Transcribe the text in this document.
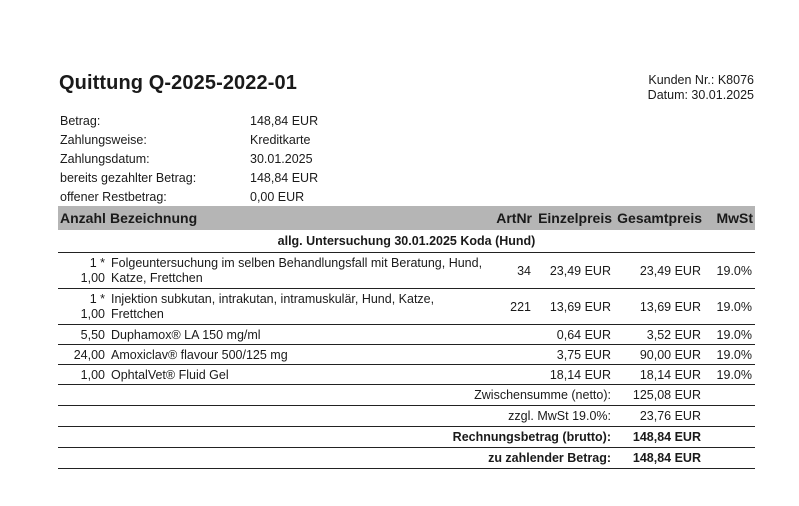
Quittung Q-2025-2022-01	Kunden Nr.: K8076
Datum: 30.01.2025
Betrag:	148,84 EUR
Zahlungsweise:	Kreditkarte
Zahlungsdatum:	30.01.2025
bereits gezahlter Betrag:	148,84 EUR
offener Restbetrag:	0,00 EUR
Anzahl	Bezeichnung	ArtNr	Einzelpreis	Gesamtpreis	MwSt
allg. Untersuchung 30.01.2025 Koda (Hund)					

1 *
1,00	Folgeuntersuchung im selben Behandlungsfall mit Beratung, Hund, Katze, Frettchen	34	23,49 EUR	23,49 EUR	19.0%

1 *
1,00	Injektion subkutan, intrakutan, intramuskulär, Hund, Katze, Frettchen	221	13,69 EUR	13,69 EUR	19.0%
5,50	Duphamox® LA 150 mg/ml		0,64 EUR	3,52 EUR	19.0%
24,00	Amoxiclav® flavour 500/125 mg		3,75 EUR	90,00 EUR	19.0%
1,00	OphtalVet® Fluid Gel		18,14 EUR	18,14 EUR	19.0%
Zwischensumme (netto):				125,08 EUR	
zzgl. MwSt 19.0%:				23,76 EUR	
Rechnungsbetrag (brutto):				148,84 EUR	
zu zahlender Betrag:				148,84 EUR	
